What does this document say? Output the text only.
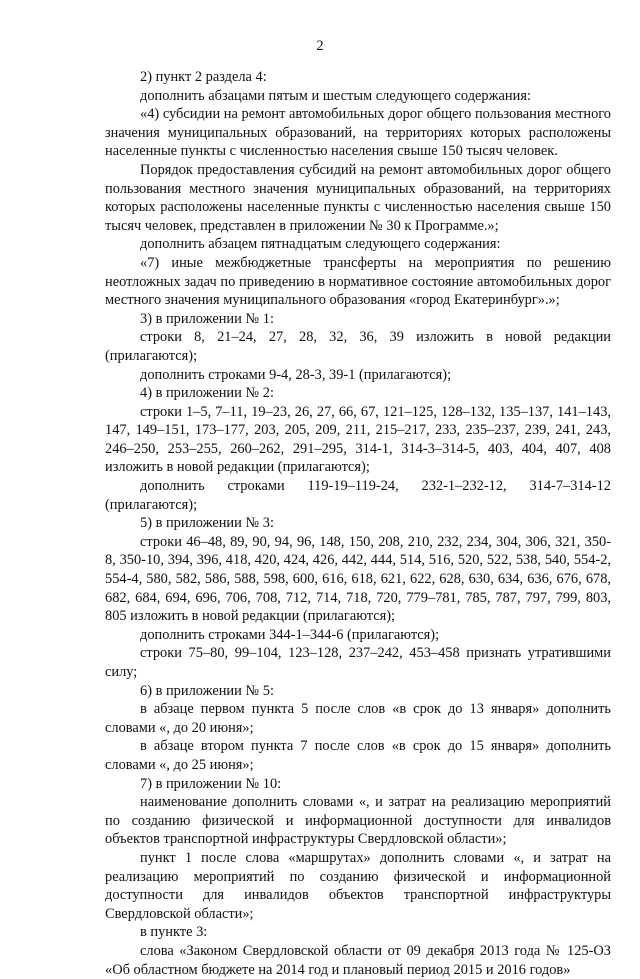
2

2) пункт 2 раздела 4:

дополнить абзацами пятым и шестым следующего содержания:

«4) субсидии на ремонт автомобильных дорог общего пользования местного значения муниципальных образований, на территориях которых расположены населенные пункты с численностью населения свыше 150 тысяч человек.

Порядок предоставления субсидий на ремонт автомобильных дорог общего пользования местного значения муниципальных образований, на территориях которых расположены населенные пункты с численностью населения свыше 150 тысяч человек, представлен в приложении № 30 к Программе.»;

дополнить абзацем пятнадцатым следующего содержания:

«7) иные межбюджетные трансферты на мероприятия по решению неотложных задач по приведению в нормативное состояние автомобильных дорог местного значения муниципального образования «город Екатеринбург».»;

3) в приложении № 1:

строки 8, 21–24, 27, 28, 32, 36, 39 изложить в новой редакции (прилагаются);

дополнить строками 9-4, 28-3, 39-1 (прилагаются);

4) в приложении № 2:

строки 1–5, 7–11, 19–23, 26, 27, 66, 67, 121–125, 128–132, 135–137, 141–143, 147, 149–151, 173–177, 203, 205, 209, 211, 215–217, 233, 235–237, 239, 241, 243, 246–250, 253–255, 260–262, 291–295, 314-1, 314-3–314-5, 403, 404, 407, 408 изложить в новой редакции (прилагаются);

дополнить строками 119-19–119-24, 232-1–232-12, 314-7–314-12 (прилагаются);

5) в приложении № 3:

строки 46–48, 89, 90, 94, 96, 148, 150, 208, 210, 232, 234, 304, 306, 321, 350-8, 350-10, 394, 396, 418, 420, 424, 426, 442, 444, 514, 516, 520, 522, 538, 540, 554-2, 554-4, 580, 582, 586, 588, 598, 600, 616, 618, 621, 622, 628, 630, 634, 636, 676, 678, 682, 684, 694, 696, 706, 708, 712, 714, 718, 720, 779–781, 785, 787, 797, 799, 803, 805 изложить в новой редакции (прилагаются);

дополнить строками 344-1–344-6 (прилагаются);

строки 75–80, 99–104, 123–128, 237–242, 453–458 признать утратившими силу;

6) в приложении № 5:

в абзаце первом пункта 5 после слов «в срок до 13 января» дополнить словами «, до 20 июня»;

в абзаце втором пункта 7 после слов «в срок до 15 января» дополнить словами «, до 25 июня»;

7) в приложении № 10:

наименование дополнить словами «, и затрат на реализацию мероприятий по созданию физической и информационной доступности для инвалидов объектов транспортной инфраструктуры Свердловской области»;

пункт 1 после слова «маршрутах» дополнить словами «, и затрат на реализацию мероприятий по созданию физической и информационной доступности для инвалидов объектов транспортной инфраструктуры Свердловской области»;

в пункте 3:

слова «Законом Свердловской области от 09 декабря 2013 года № 125-ОЗ «Об областном бюджете на 2014 год и плановый период 2015 и 2016 годов»
